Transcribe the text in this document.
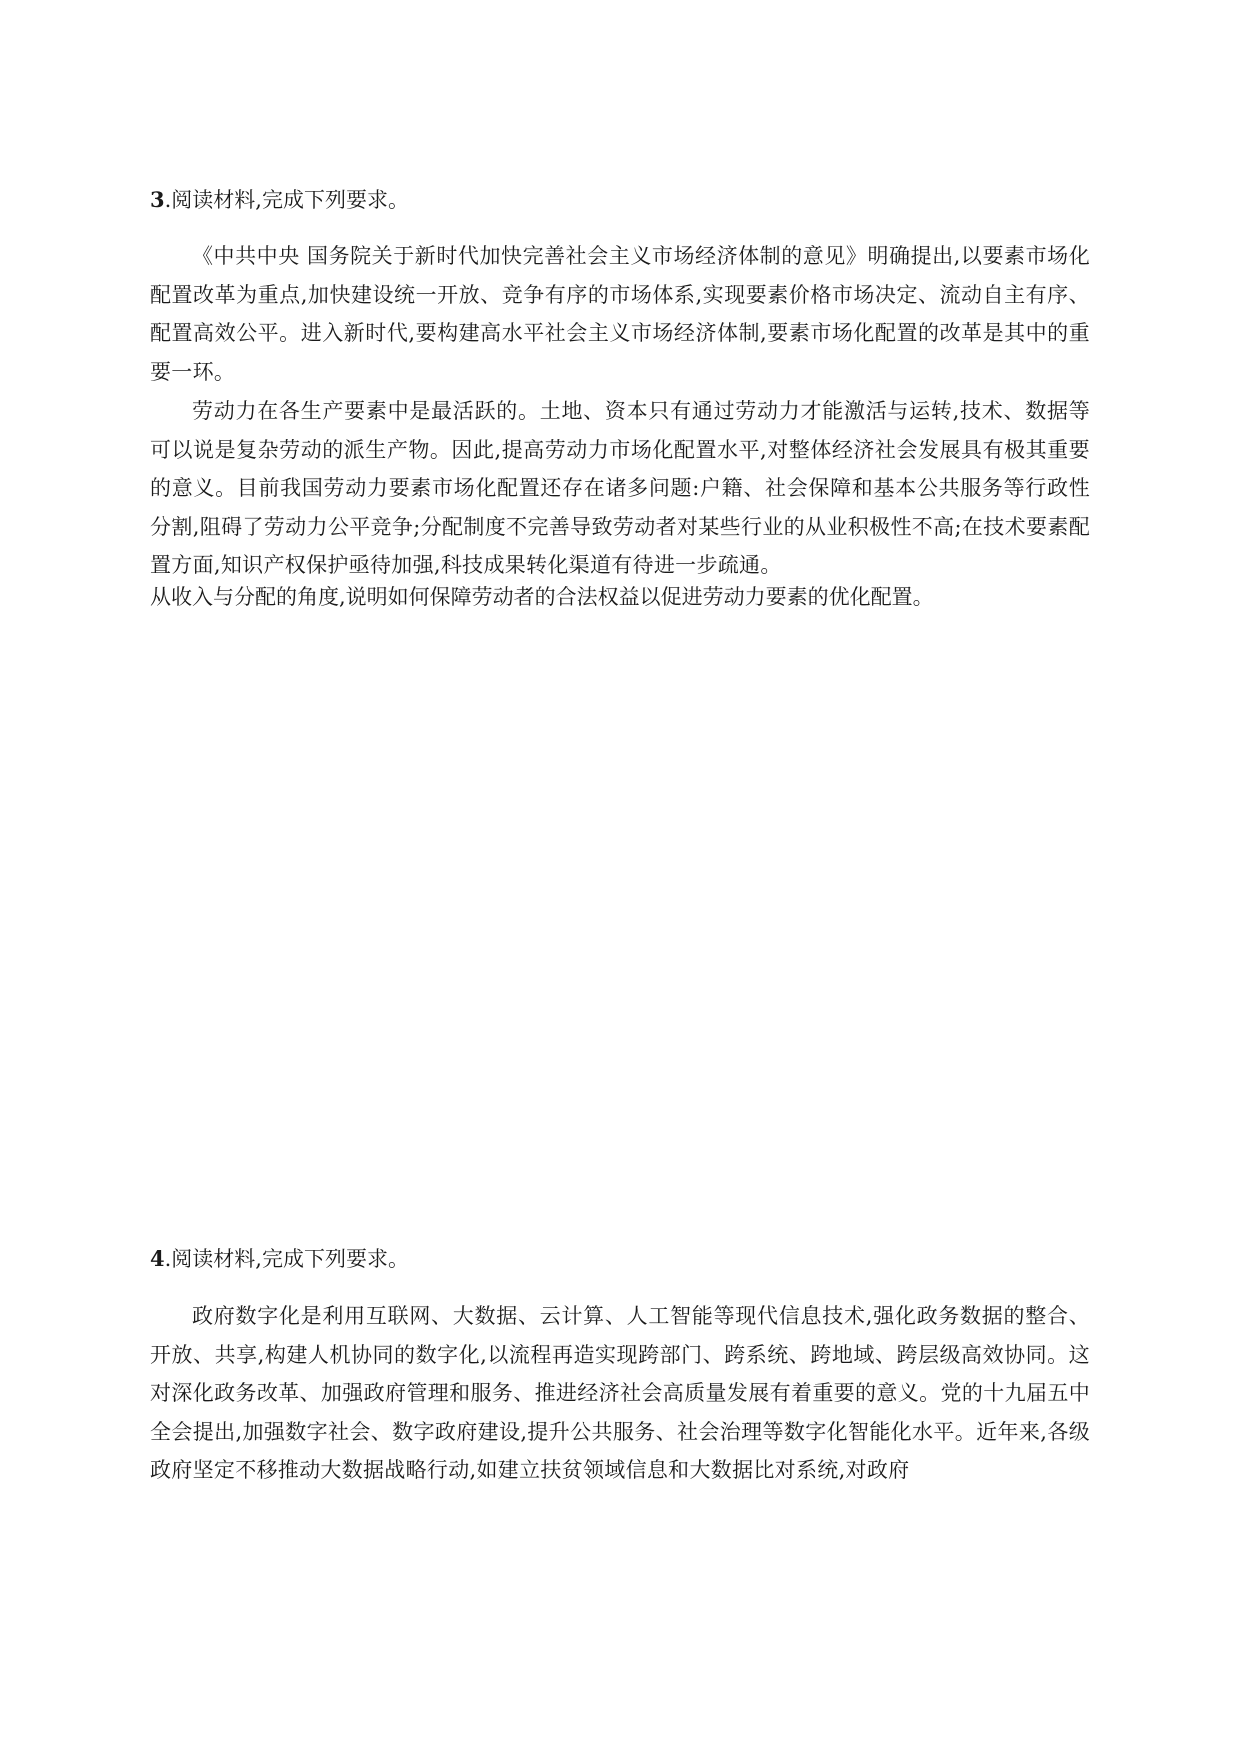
3.阅读材料,完成下列要求。

《中共中央 国务院关于新时代加快完善社会主义市场经济体制的意见》明确提出,以要素市场化配置改革为重点,加快建设统一开放、竞争有序的市场体系,实现要素价格市场决定、流动自主有序、配置高效公平。进入新时代,要构建高水平社会主义市场经济体制,要素市场化配置的改革是其中的重要一环。

劳动力在各生产要素中是最活跃的。土地、资本只有通过劳动力才能激活与运转,技术、数据等可以说是复杂劳动的派生产物。因此,提高劳动力市场化配置水平,对整体经济社会发展具有极其重要的意义。目前我国劳动力要素市场化配置还存在诸多问题:户籍、社会保障和基本公共服务等行政性分割,阻碍了劳动力公平竞争;分配制度不完善导致劳动者对某些行业的从业积极性不高;在技术要素配置方面,知识产权保护亟待加强,科技成果转化渠道有待进一步疏通。

从收入与分配的角度,说明如何保障劳动者的合法权益以促进劳动力要素的优化配置。

4.阅读材料,完成下列要求。

政府数字化是利用互联网、大数据、云计算、人工智能等现代信息技术,强化政务数据的整合、开放、共享,构建人机协同的数字化,以流程再造实现跨部门、跨系统、跨地域、跨层级高效协同。这对深化政务改革、加强政府管理和服务、推进经济社会高质量发展有着重要的意义。党的十九届五中全会提出,加强数字社会、数字政府建设,提升公共服务、社会治理等数字化智能化水平。近年来,各级政府坚定不移推动大数据战略行动,如建立扶贫领域信息和大数据比对系统,对政府
